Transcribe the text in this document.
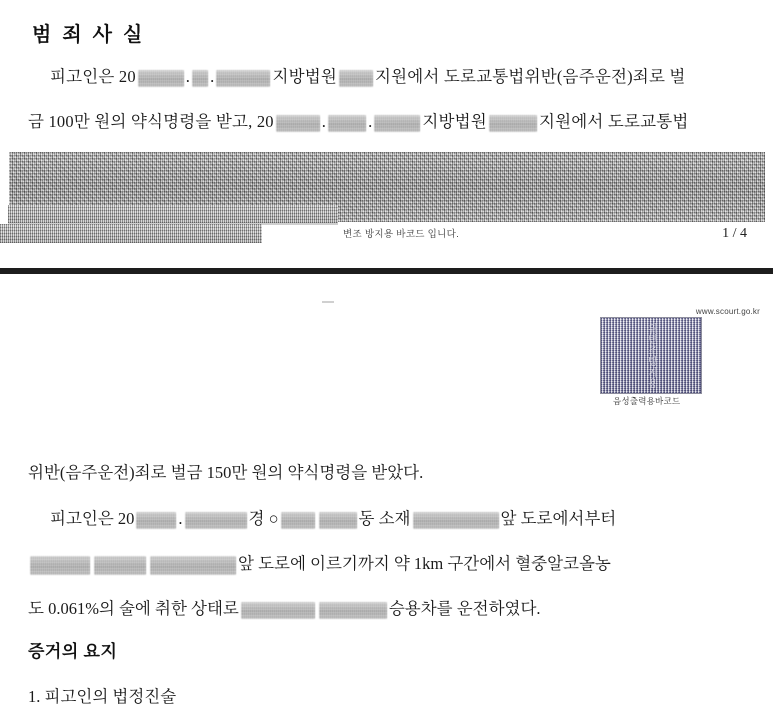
범 죄 사 실
피고인은 20	. .	지방법원 지원에서 도로교통법위반(음주운전)죄로 벌
금 100만 원의 약식명령을 받고, 20	.	.	지방법원	지원에서 도로교통법
변조 방지용 바코드 입니다.	1 / 4
www.scourt.go.kr
위변조방지용
음성출력용바코드
위반(음주운전)죄로 벌금 150만 원의 약식명령을 받았다.
피고인은 20	.	경 ○	동 소재	앞 도로에서부터
앞 도로에 이르기까지 약 1km 구간에서 혈중알코올농
도 0.061%의 술에 취한 상태로	승용차를 운전하였다.
증거의 요지
1. 피고인의 법정진술
